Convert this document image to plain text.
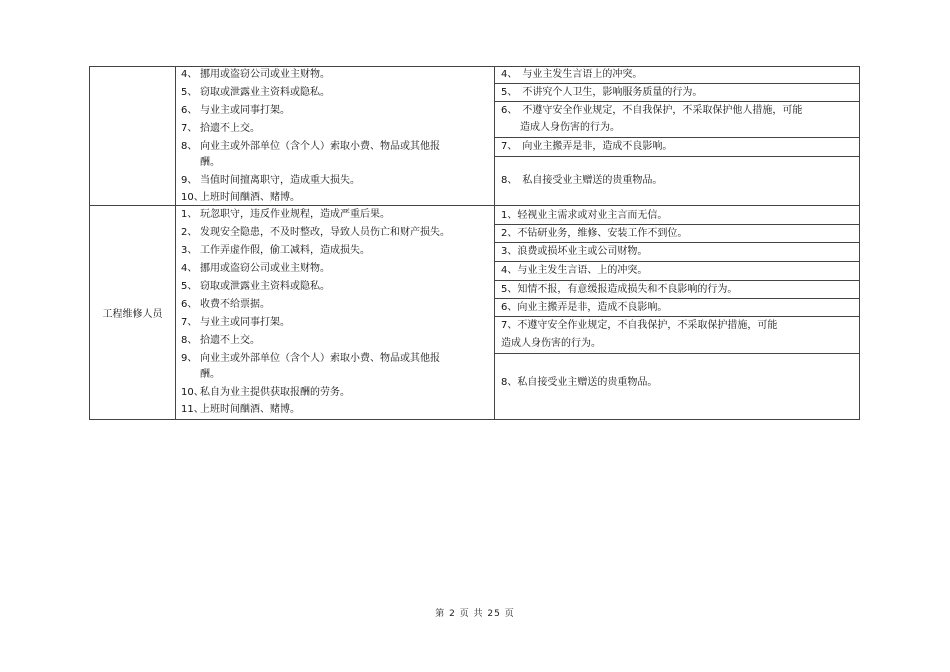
4、 挪用或盗窃公司或业主财物。
5、 窃取或泄露业主资料或隐私。
6、 与业主或同事打架。
7、 拾遗不上交。
8、 向业主或外部单位（含个人）索取小费、物品或其他报
酬。
9、 当值时间擅离职守，造成重大损失。
10、上班时间酗酒、赌博。
4、　与业主发生言语上的冲突。
5、　不讲究个人卫生，影响服务质量的行为。
6、　不遵守安全作业规定，不自我保护，不采取保护他人措施，可能
造成人身伤害的行为。
7、　向业主搬弄是非，造成不良影响。
8、　私自接受业主赠送的贵重物品。
工程维修人员
1、 玩忽职守，违反作业规程，造成严重后果。
2、 发现安全隐患，不及时整改，导致人员伤亡和财产损失。
3、 工作弄虚作假，偷工减料，造成损失。
4、 挪用或盗窃公司或业主财物。
5、 窃取或泄露业主资料或隐私。
6、 收费不给票据。
7、 与业主或同事打架。
8、 拾遗不上交。
9、 向业主或外部单位（含个人）索取小费、物品或其他报
酬。
10、私自为业主提供获取报酬的劳务。
11、上班时间酗酒、赌博。
1、轻视业主需求或对业主言而无信。
2、不钻研业务，维修、安装工作不到位。
3、浪费或损坏业主或公司财物。
4、与业主发生言语、上的冲突。
5、知情不报，有意缓报造成损失和不良影响的行为。
6、向业主搬弄是非，造成不良影响。
7、不遵守安全作业规定，不自我保护，不采取保护措施，可能
造成人身伤害的行为。
8、私自接受业主赠送的贵重物品。
第 2 页 共 25 页
